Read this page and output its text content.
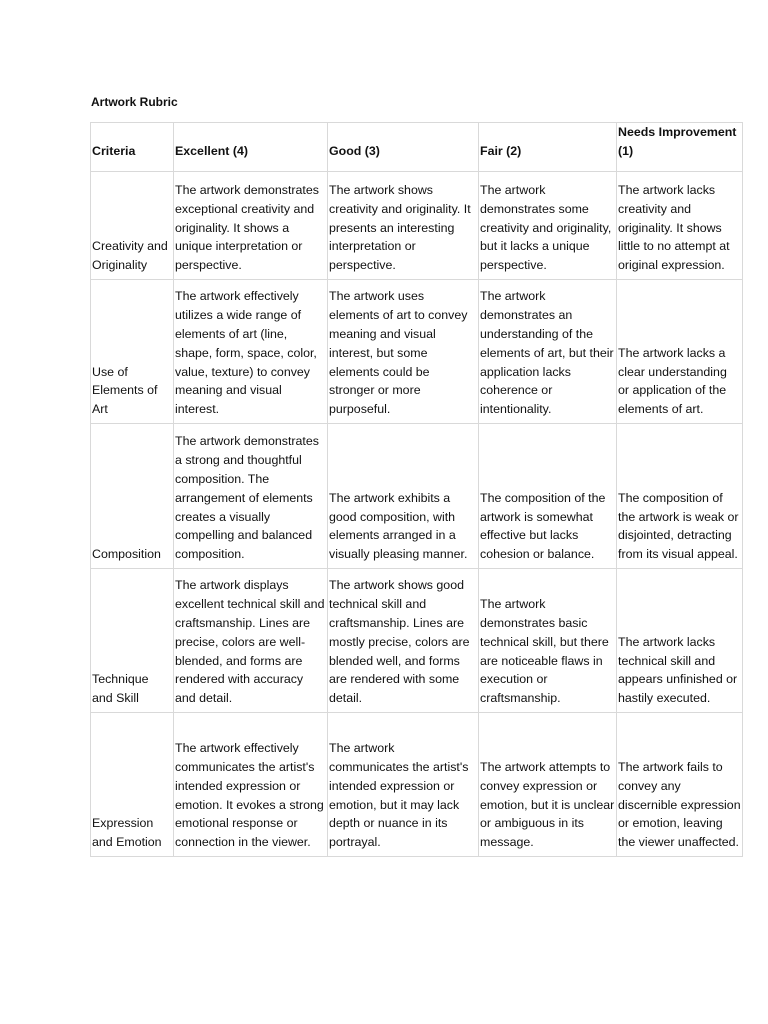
Artwork Rubric
Criteria	Excellent (4)	Good (3)	Fair (2)	Needs Improvement (1)
Creativity and Originality	The artwork demonstrates exceptional creativity and originality. It shows a unique interpretation or perspective.	The artwork shows creativity and originality. It presents an interesting interpretation or perspective.	The artwork demonstrates some creativity and originality, but it lacks a unique perspective.	The artwork lacks creativity and originality. It shows little to no attempt at original expression.
Use of Elements of Art	The artwork effectively utilizes a wide range of elements of art (line, shape, form, space, color, value, texture) to convey meaning and visual interest.	The artwork uses elements of art to convey meaning and visual interest, but some elements could be stronger or more purposeful.	The artwork demonstrates an understanding of the elements of art, but their application lacks coherence or intentionality.	The artwork lacks a clear understanding or application of the elements of art.
Composition	The artwork demonstrates a strong and thoughtful composition. The arrangement of elements creates a visually compelling and balanced composition.	The artwork exhibits a good composition, with elements arranged in a visually pleasing manner.	The composition of the artwork is somewhat effective but lacks cohesion or balance.	The composition of the artwork is weak or disjointed, detracting from its visual appeal.
Technique and Skill	The artwork displays excellent technical skill and craftsmanship. Lines are precise, colors are well-blended, and forms are rendered with accuracy and detail.	The artwork shows good technical skill and craftsmanship. Lines are mostly precise, colors are blended well, and forms are rendered with some detail.	The artwork demonstrates basic technical skill, but there are noticeable flaws in execution or craftsmanship.	The artwork lacks technical skill and appears unfinished or hastily executed.
Expression and Emotion	The artwork effectively communicates the artist's intended expression or emotion. It evokes a strong emotional response or connection in the viewer.	The artwork communicates the artist's intended expression or emotion, but it may lack depth or nuance in its portrayal.	The artwork attempts to convey expression or emotion, but it is unclear or ambiguous in its message.	The artwork fails to convey any discernible expression or emotion, leaving the viewer unaffected.
